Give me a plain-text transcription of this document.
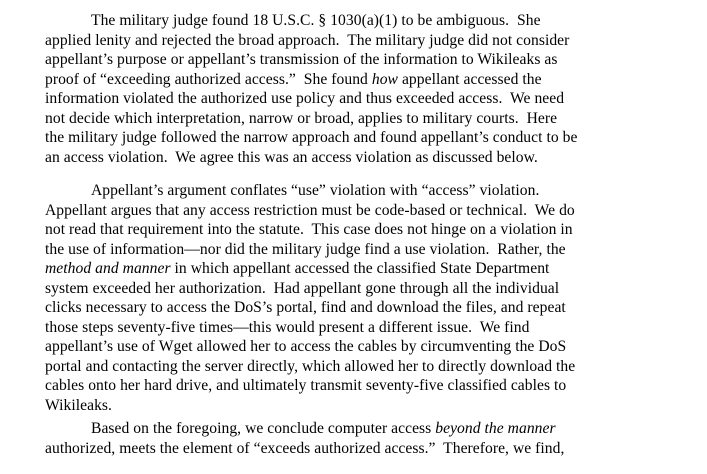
The military judge found 18 U.S.C. § 1030(a)(1) to be ambiguous.  She
applied lenity and rejected the broad approach.  The military judge did not consider
appellant’s purpose or appellant’s transmission of the information to Wikileaks as
proof of “exceeding authorized access.”  She found how appellant accessed the
information violated the authorized use policy and thus exceeded access.  We need
not decide which interpretation, narrow or broad, applies to military courts.  Here
the military judge followed the narrow approach and found appellant’s conduct to be
an access violation.  We agree this was an access violation as discussed below.
Appellant’s argument conflates “use” violation with “access” violation.
Appellant argues that any access restriction must be code-based or technical.  We do
not read that requirement into the statute.  This case does not hinge on a violation in
the use of information—nor did the military judge find a use violation.  Rather, the
method and manner in which appellant accessed the classified State Department
system exceeded her authorization.  Had appellant gone through all the individual
clicks necessary to access the DoS’s portal, find and download the files, and repeat
those steps seventy-five times—this would present a different issue.  We find
appellant’s use of Wget allowed her to access the cables by circumventing the DoS
portal and contacting the server directly, which allowed her to directly download the
cables onto her hard drive, and ultimately transmit seventy-five classified cables to
Wikileaks.
Based on the foregoing, we conclude computer access beyond the manner
authorized, meets the element of “exceeds authorized access.”  Therefore, we find,
